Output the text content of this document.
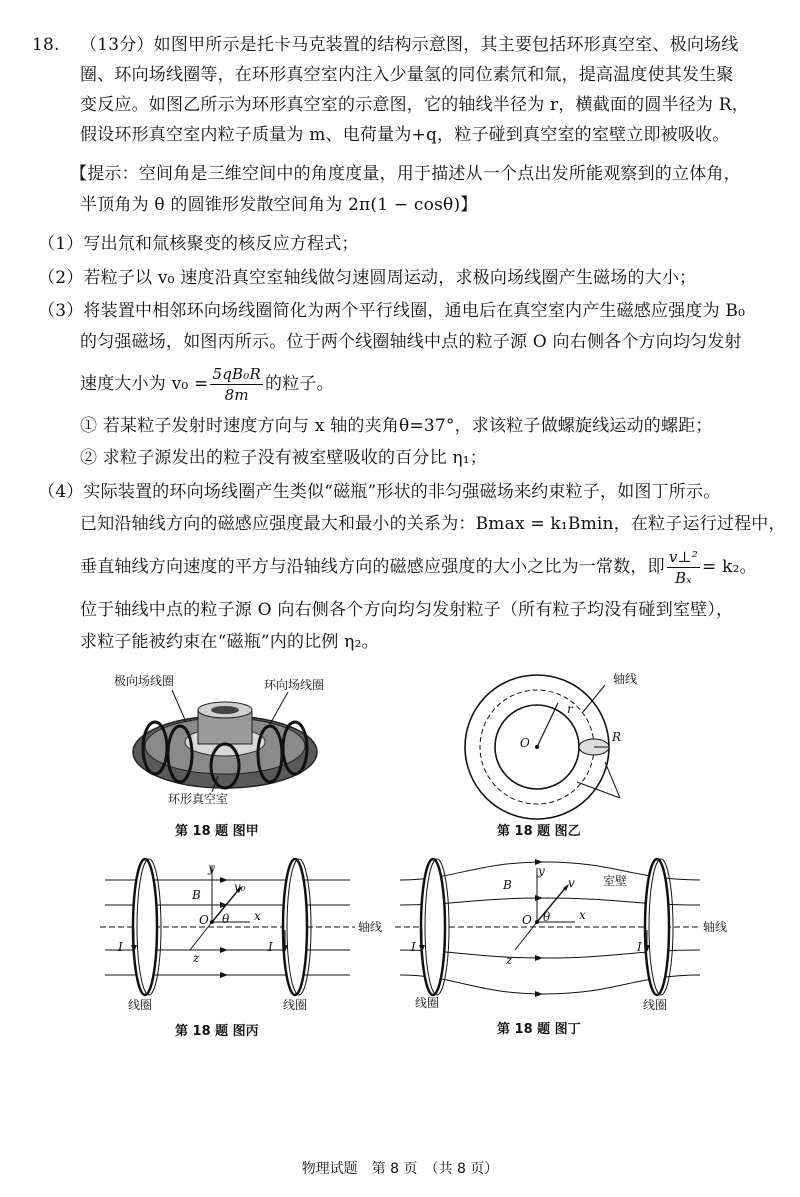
18. （13分）如图甲所示是托卡马克装置的结构示意图，其主要包括环形真空室、极向场线
圈、环向场线圈等，在环形真空室内注入少量氢的同位素氘和氚，提高温度使其发生聚
变反应。如图乙所示为环形真空室的示意图，它的轴线半径为 r，横截面的圆半径为 R，
假设环形真空室内粒子质量为 m、电荷量为+q，粒子碰到真空室的室壁立即被吸收。
【提示：空间角是三维空间中的角度度量，用于描述从一个点出发所能观察到的立体角，
半顶角为 θ 的圆锥形发散空间角为 2π(1 − cosθ)】
（1）写出氘和氚核聚变的核反应方程式；
（2）若粒子以 v₀ 速度沿真空室轴线做匀速圆周运动，求极向场线圈产生磁场的大小；
（3）将装置中相邻环向场线圈简化为两个平行线圈，通电后在真空室内产生磁感应强度为 B₀
的匀强磁场，如图丙所示。位于两个线圈轴线中点的粒子源 O 向右侧各个方向均匀发射
速度大小为 $v_0 = \frac{\text{5qB₀R}}{8m}$ 的粒子。
① 若某粒子发射时速度方向与 x 轴的夹角θ=37°，求该粒子做螺旋线运动的螺距；
② 求粒子源发出的粒子没有被室壁吸收的百分比 η₁；
（4）实际装置的环向场线圈产生类似“磁瓶”形状的非匀强磁场来约束粒子，如图丁所示。
已知沿轴线方向的磁感应强度最大和最小的关系为：Bmax = k₁Bmin，在粒子运行过程中，
垂直轴线方向速度的平方与沿轴线方向的磁感应强度的大小之比为一常数，即 $\frac{\text{v⊥²}}{\text{Bₓ}} = k_2$。
位于轴线中点的粒子源 O 向右侧各个方向均匀发射粒子（所有粒子均没有碰到室壁），
求粒子能被约束在“磁瓶”内的比例 η₂。
极向场线圈	环向场线圈
环形真空室
第 18 题 图甲
轴线
室壁
r
O	R
第 18 题 图乙
y
B
v₀
O θ x
z
I	I
轴线
线圈	线圈
第 18 题 图丙
y
B	v
O θ x
z
I	I
轴线
线圈	线圈
第 18 题 图丁
物理试题　第 8 页　（共 8 页）
